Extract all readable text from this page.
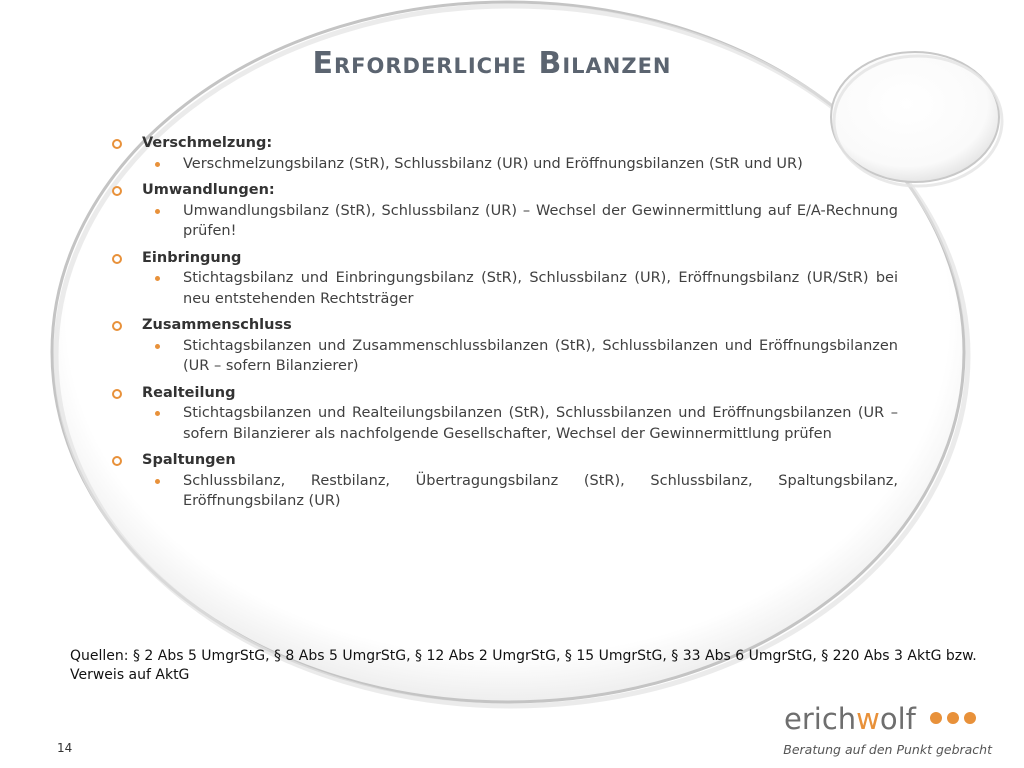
Erforderliche Bilanzen
Verschmelzung:
Verschmelzungsbilanz (StR), Schlussbilanz (UR) und Eröffnungsbilanzen (StR und UR)
Umwandlungen:
Umwandlungsbilanz (StR), Schlussbilanz (UR) – Wechsel der Gewinnermittlung auf E/A-Rechnung prüfen!
Einbringung
Stichtagsbilanz und Einbringungsbilanz (StR), Schlussbilanz (UR), Eröffnungsbilanz (UR/StR) bei neu entstehenden Rechtsträger
Zusammenschluss
Stichtagsbilanzen und Zusammenschlussbilanzen (StR), Schlussbilanzen und Eröffnungsbilanzen (UR – sofern Bilanzierer)
Realteilung
Stichtagsbilanzen und Realteilungsbilanzen (StR), Schlussbilanzen und Eröffnungsbilanzen (UR – sofern Bilanzierer als nachfolgende Gesellschafter, Wechsel der Gewinnermittlung prüfen
Spaltungen
Schlussbilanz, Restbilanz, Übertragungsbilanz (StR), Schlussbilanz, Spaltungsbilanz, Eröffnungsbilanz (UR)
Quellen: § 2 Abs 5 UmgrStG, § 8 Abs 5 UmgrStG, § 12 Abs 2 UmgrStG, § 15 UmgrStG, § 33 Abs 6 UmgrStG, § 220 Abs 3 AktG bzw. Verweis auf AktG
14
erichwolf
Beratung auf den Punkt gebracht
